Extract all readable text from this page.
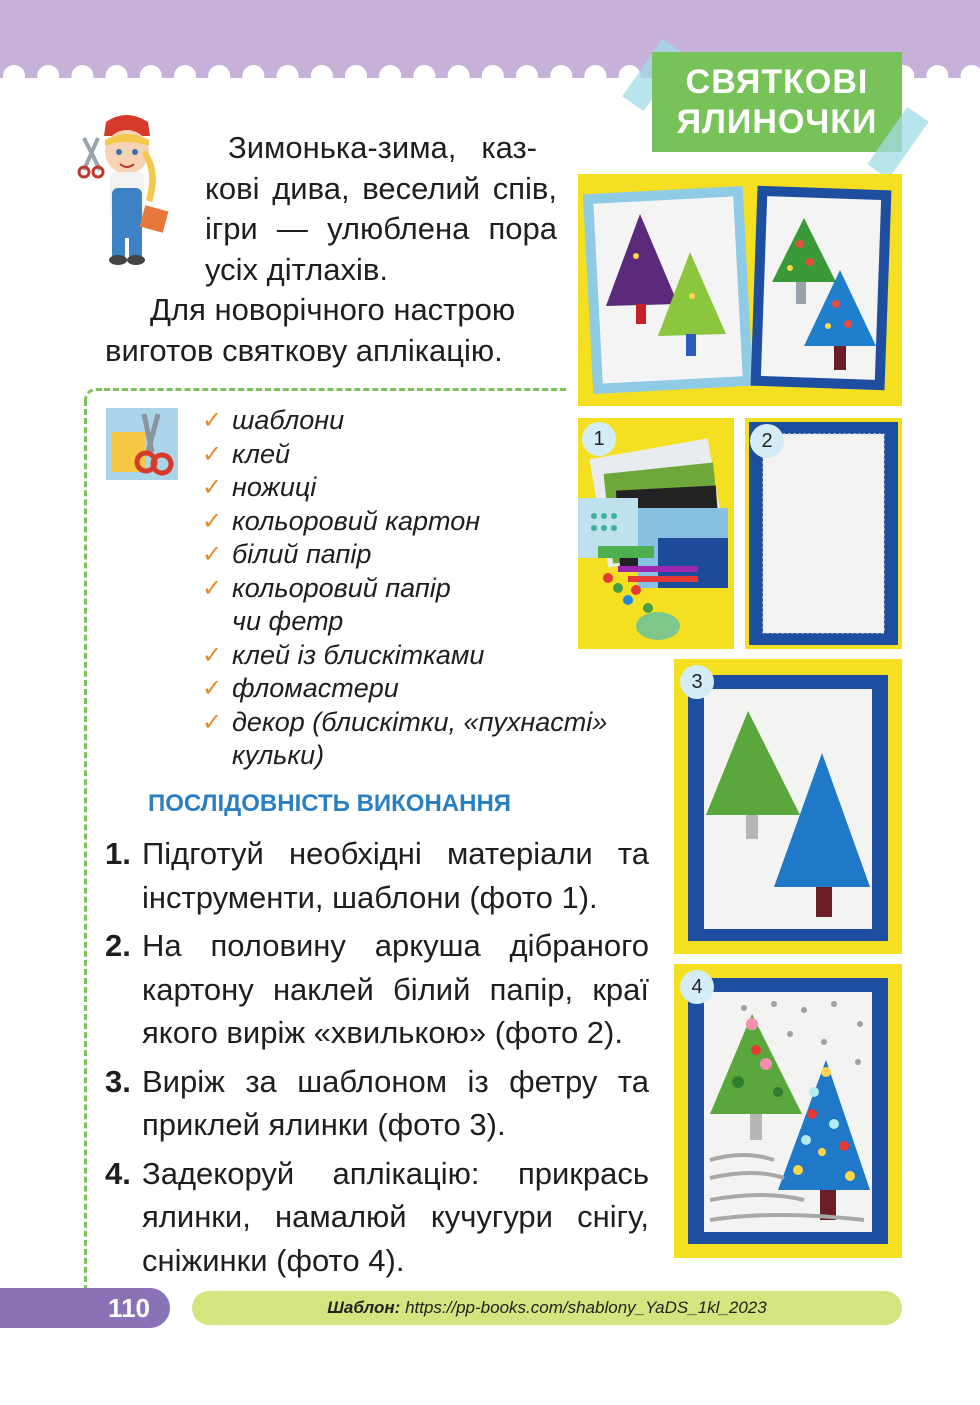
СВЯТКОВІ
ЯЛИНОЧКИ
Зимонька-зима, каз-
кові дива, веселий спів,
ігри — улюблена пора
усіх дітлахів.
Для новорічного настрою
виготов святкову аплікацію.
✓ шаблони
✓ клей
✓ ножиці
✓ кольоровий картон
✓ білий папір
✓ кольоровий папір
чи фетр
✓ клей із блискітками
✓ фломастери
✓ декор (блискітки, «пухнасті»
кульки)
ПОСЛІДОВНІСТЬ ВИКОНАННЯ
1. Підготуй необхідні матеріали та
інструменти, шаблони (фото 1).
2. На половину аркуша дібраного
картону наклей білий папір, краї
якого виріж «хвилькою» (фото 2).
3. Виріж за шаблоном із фетру та
приклей ялинки (фото 3).
4. Задекоруй аплікацію: прикрась
ялинки, намалюй кучугури снігу,
сніжинки (фото 4).
1	2
3
4
110	Шаблон: https://pp-books.com/shablony_YaDS_1kl_2023
